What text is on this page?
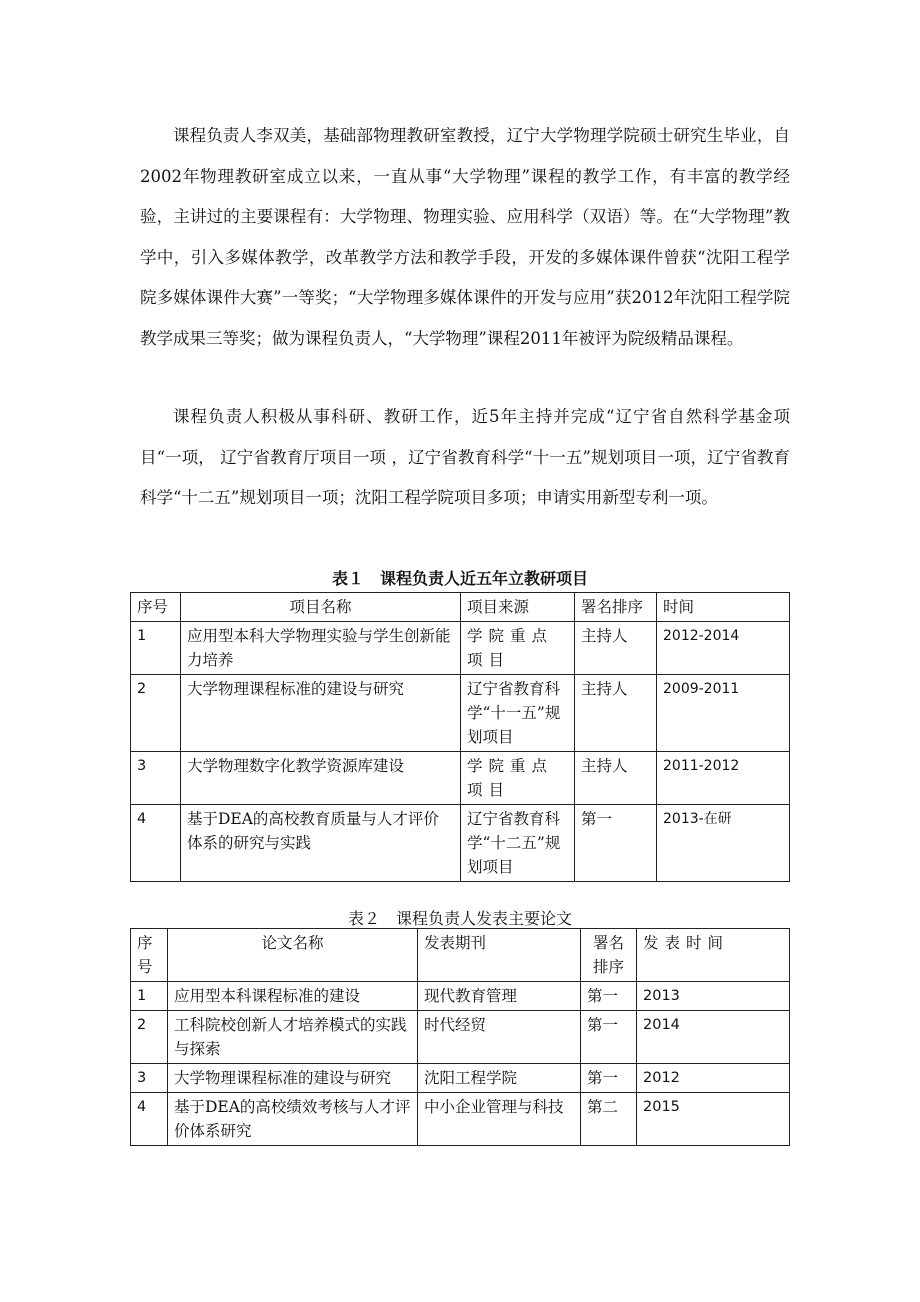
课程负责人李双美，基础部物理教研室教授，辽宁大学物理学院硕士研究生毕业，自2002年物理教研室成立以来，一直从事“大学物理”课程的教学工作，有丰富的教学经验，主讲过的主要课程有：大学物理、物理实验、应用科学（双语）等。在“大学物理”教学中，引入多媒体教学，改革教学方法和教学手段，开发的多媒体课件曾获“沈阳工程学院多媒体课件大赛”一等奖；“大学物理多媒体课件的开发与应用”获2012年沈阳工程学院教学成果三等奖；做为课程负责人，“大学物理”课程2011年被评为院级精品课程。

课程负责人积极从事科研、教研工作，近5年主持并完成“辽宁省自然科学基金项目“一项， 辽宁省教育厅项目一项 ，辽宁省教育科学“十一五”规划项目一项，辽宁省教育科学“十二五”规划项目一项；沈阳工程学院项目多项；申请实用新型专利一项。

表１　课程负责人近五年立教研项目

序号	项目名称	项目来源	署名排序	时间
1	应用型本科大学物理实验与学生创新能力培养	学院重点项目	主持人	2012-2014
2	大学物理课程标准的建设与研究	辽宁省教育科学“十一五”规划项目	主持人	2009-2011
3	大学物理数字化教学资源库建设	学院重点项目	主持人	2011-2012
4	基于DEA的高校教育质量与人才评价体系的研究与实践	辽宁省教育科学“十二五”规划项目	第一	2013-在研

表２　课程负责人发表主要论文

序号	论文名称	发表期刊	署名排序	发表时间
1	应用型本科课程标准的建设	现代教育管理	第一	2013
2	工科院校创新人才培养模式的实践与探索	时代经贸	第一	2014
3	大学物理课程标准的建设与研究	沈阳工程学院	第一	2012
4	基于DEA的高校绩效考核与人才评价体系研究	中小企业管理与科技	第二	2015
